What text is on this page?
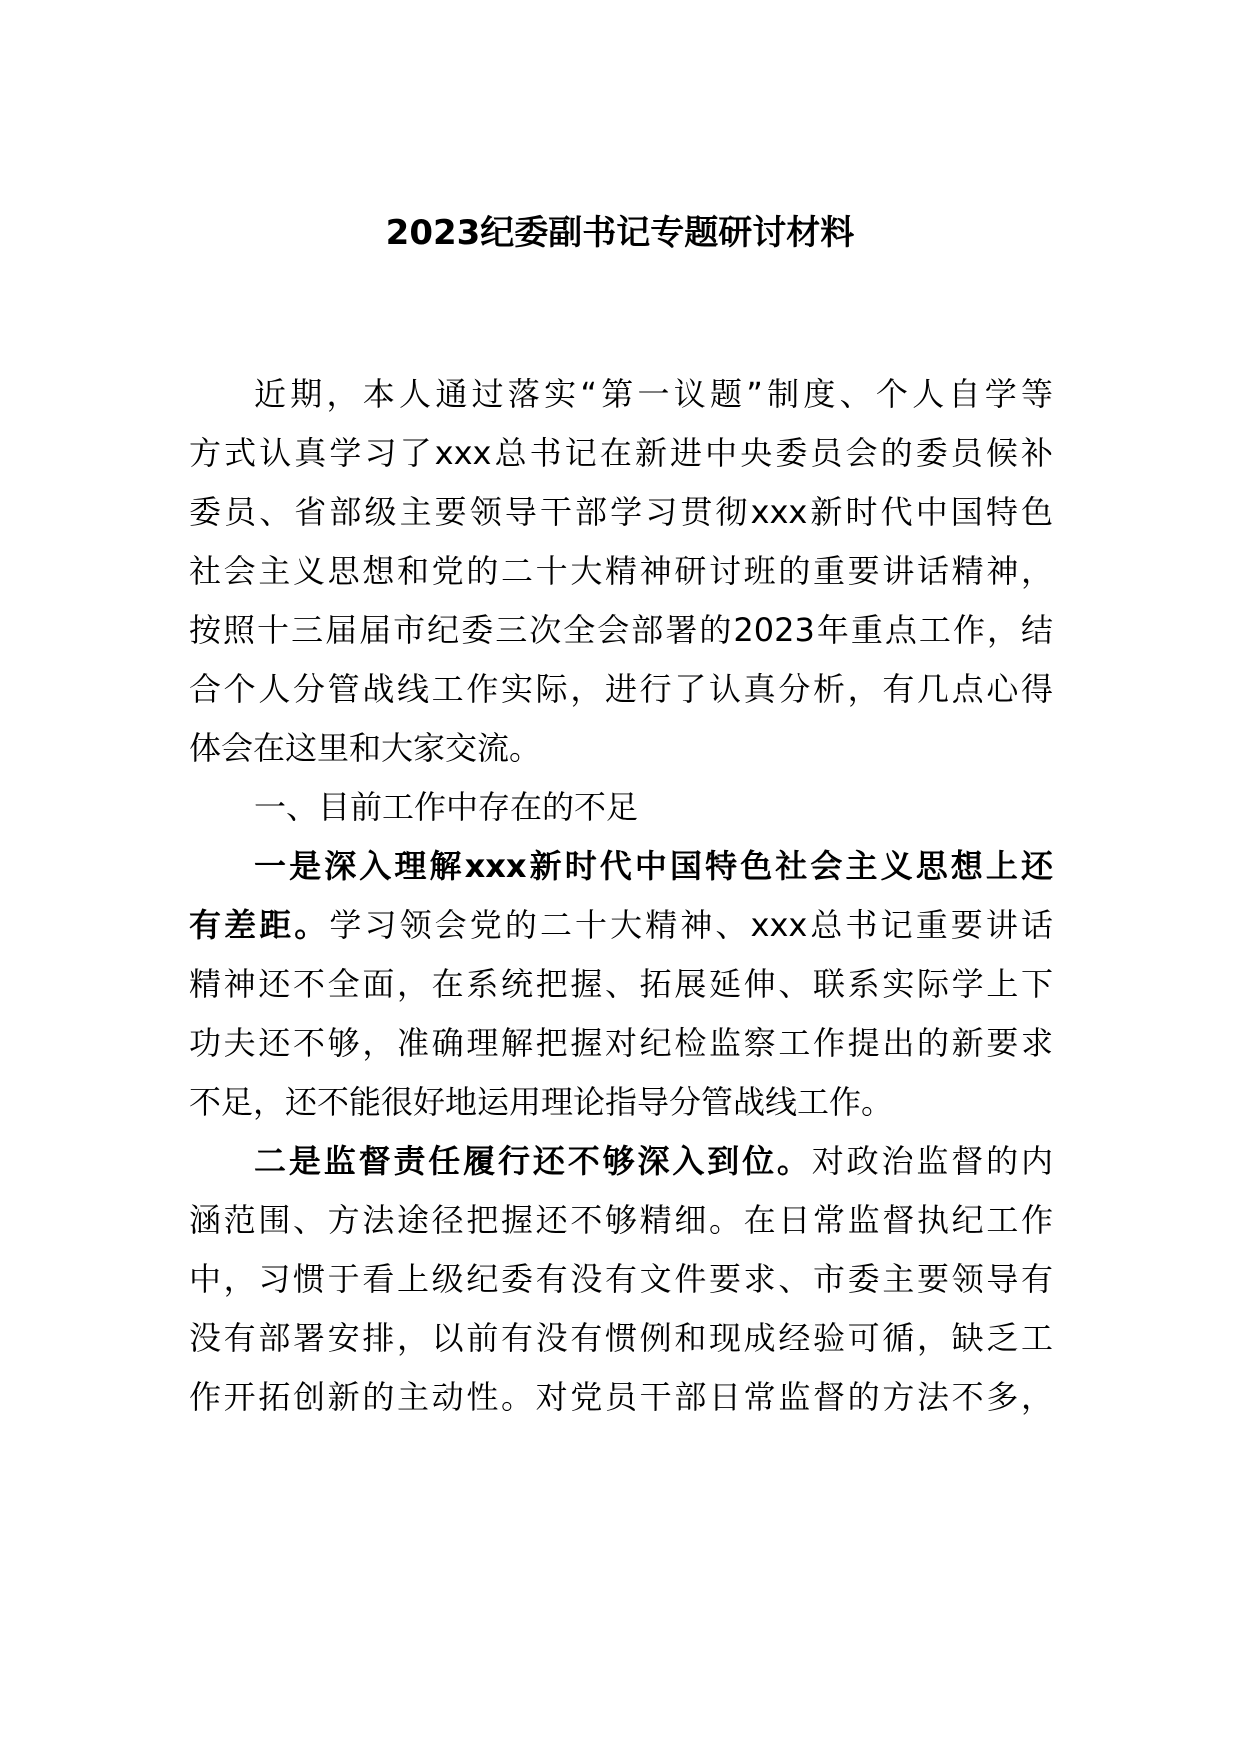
2023纪委副书记专题研讨材料

近期，本人通过落实“第一议题”制度、个人自学等

方式认真学习了xxx总书记在新进中央委员会的委员候补

委员、省部级主要领导干部学习贯彻xxx新时代中国特色

社会主义思想和党的二十大精神研讨班的重要讲话精神，

按照十三届届市纪委三次全会部署的2023年重点工作，结

合个人分管战线工作实际，进行了认真分析，有几点心得

体会在这里和大家交流。

一、目前工作中存在的不足

一是深入理解xxx新时代中国特色社会主义思想上还

有差距。学习领会党的二十大精神、xxx总书记重要讲话

精神还不全面，在系统把握、拓展延伸、联系实际学上下

功夫还不够，准确理解把握对纪检监察工作提出的新要求

不足，还不能很好地运用理论指导分管战线工作。

二是监督责任履行还不够深入到位。对政治监督的内

涵范围、方法途径把握还不够精细。在日常监督执纪工作

中，习惯于看上级纪委有没有文件要求、市委主要领导有

没有部署安排，以前有没有惯例和现成经验可循，缺乏工

作开拓创新的主动性。对党员干部日常监督的方法不多，
